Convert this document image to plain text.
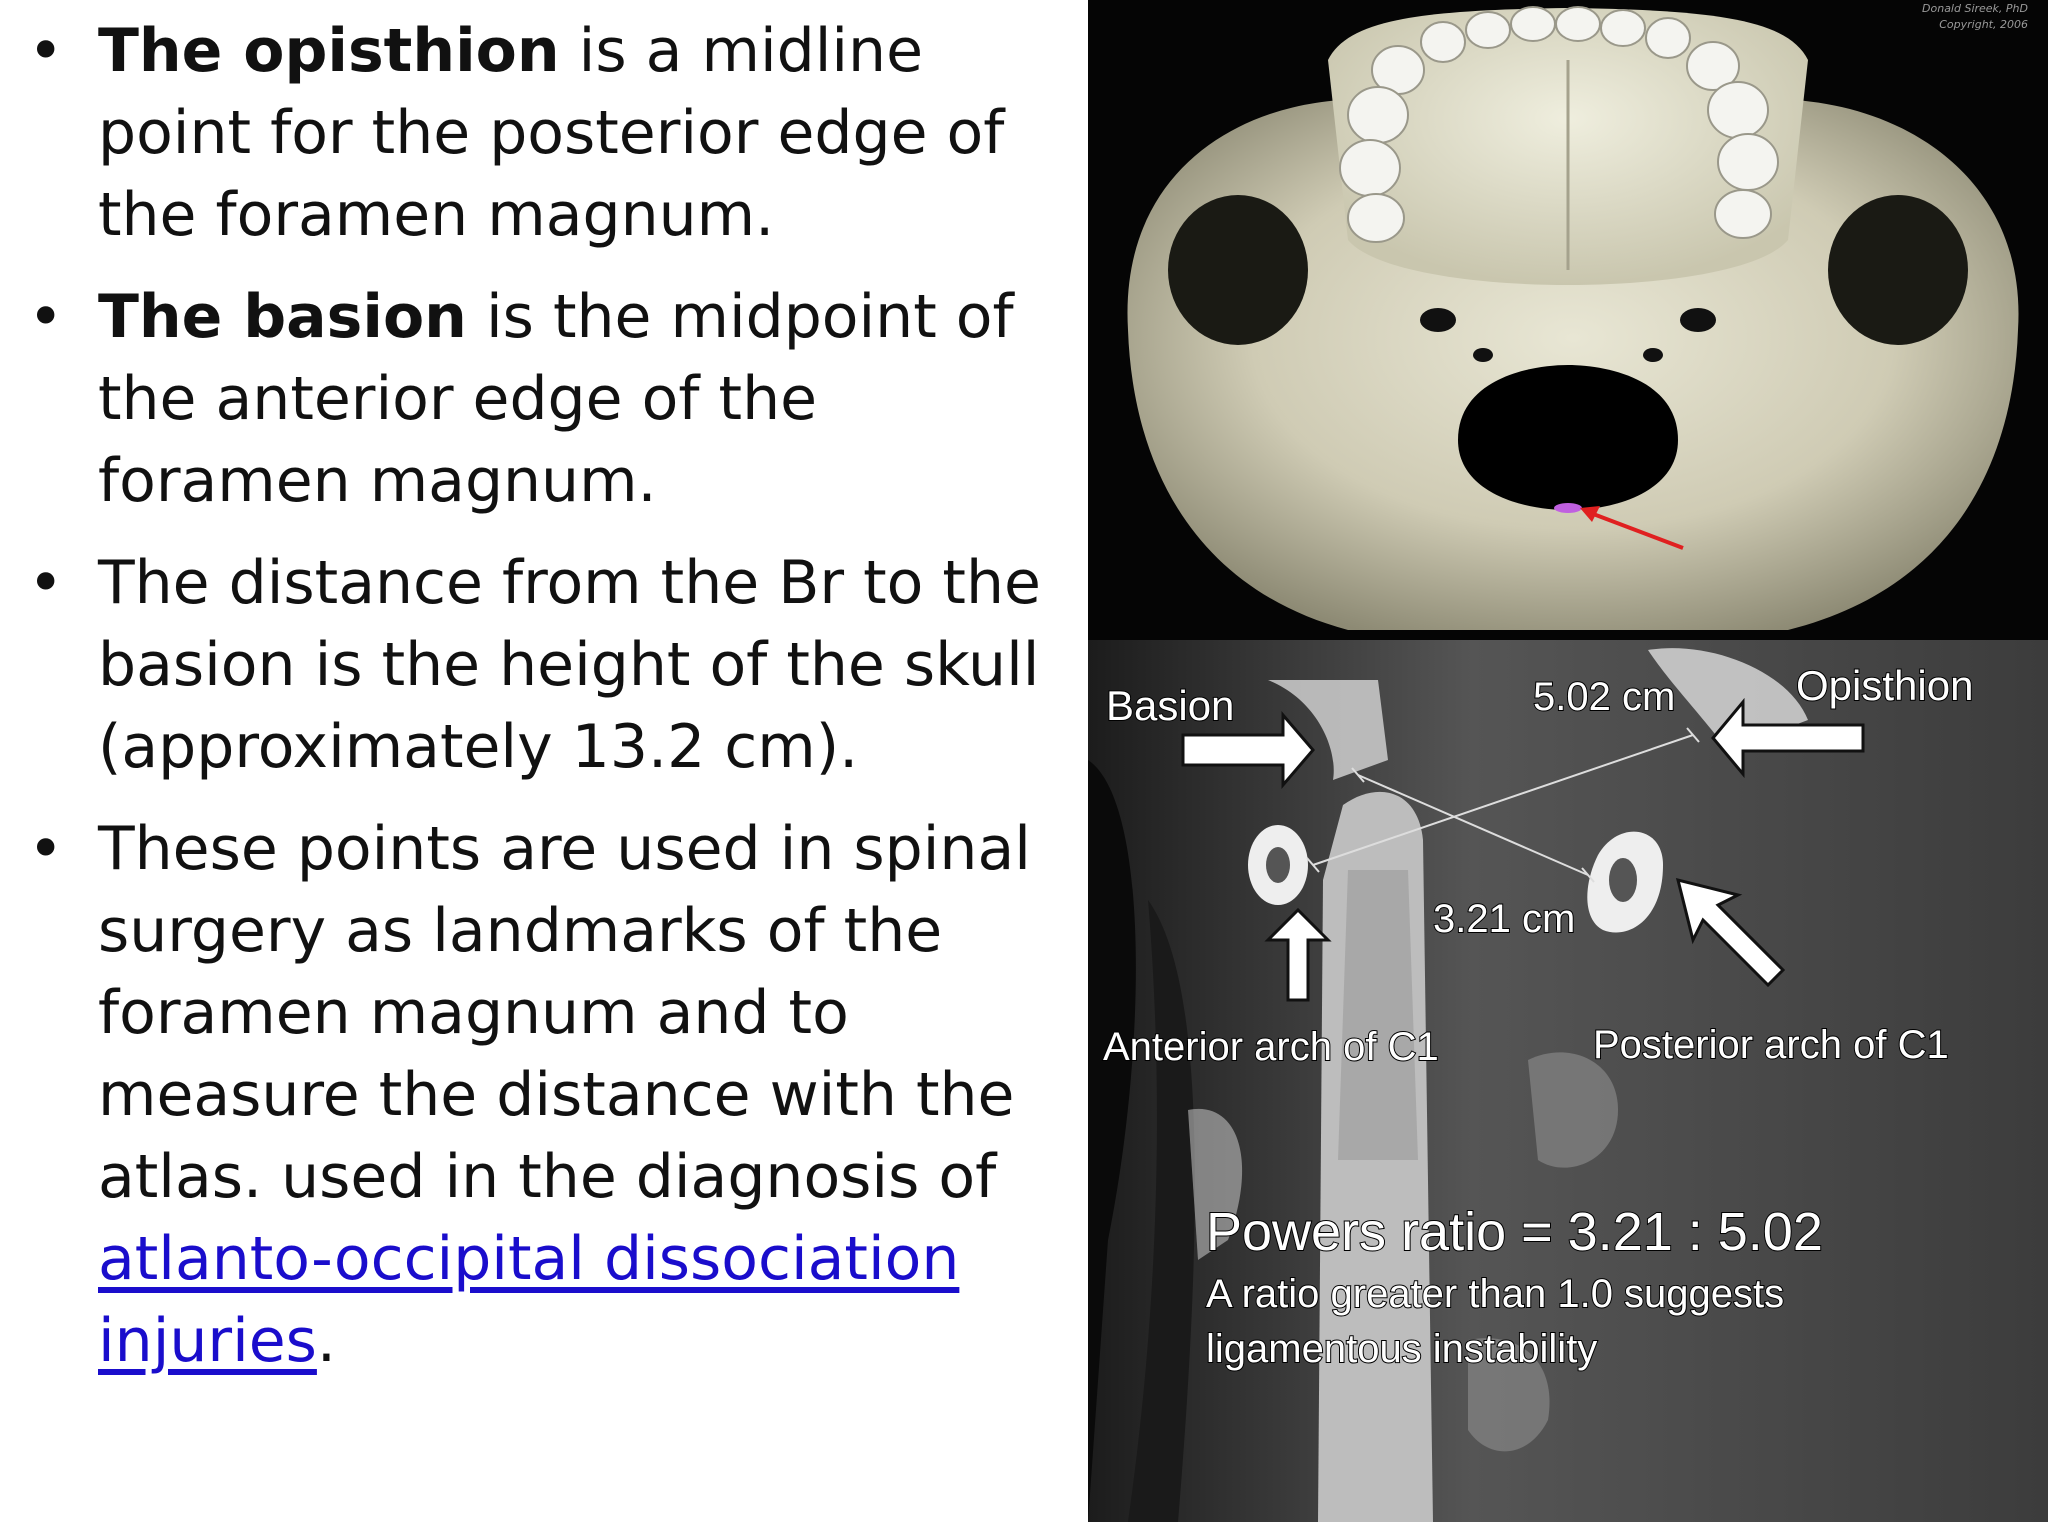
• The opisthion is a midline point for the posterior edge of the foramen magnum.
• The basion is the midpoint of the anterior edge of the foramen magnum.
• The distance from the Br to the basion is the height of the skull (approximately 13.2 cm).
• These points are used in spinal surgery as landmarks of the foramen magnum and to measure the distance with the atlas. used in the diagnosis of atlanto-occipital dissociation injuries.
Donald Sireek, PhD
Copyright, 2006
Basion	Opisthion
5.02 cm
3.21 cm
Anterior arch of C1	Posterior arch of C1
Powers ratio = 3.21 : 5.02
A ratio greater than 1.0 suggests
ligamentous instability
